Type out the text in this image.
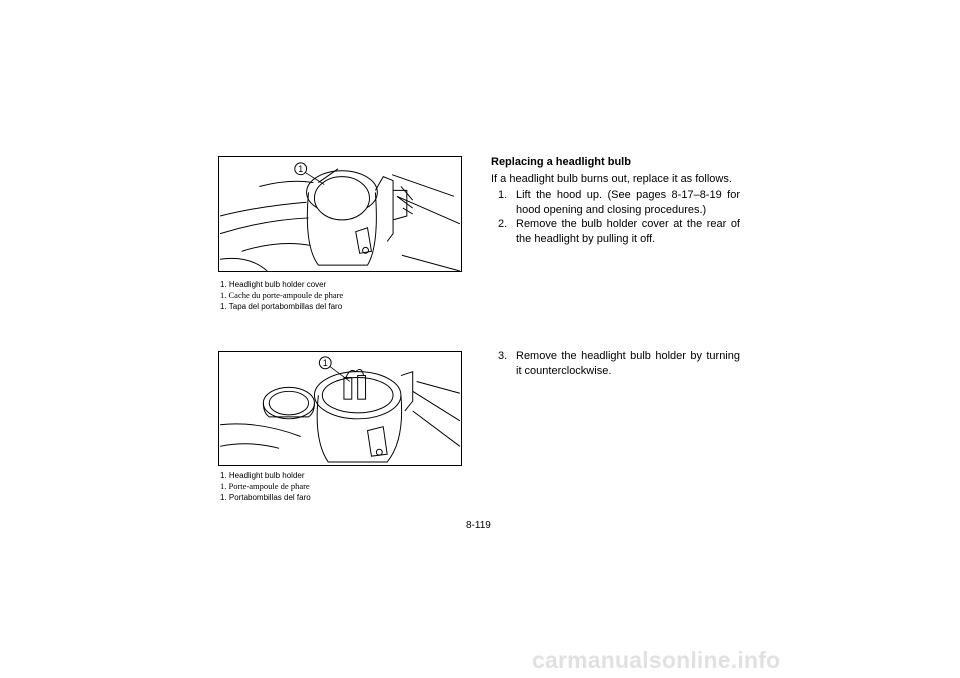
1
1. Headlight bulb holder cover
1. Cache du porte-ampoule de phare
1. Tapa del portabombillas del faro
1
1. Headlight bulb holder
1. Porte-ampoule de phare
1. Portabombillas del faro
Replacing a headlight bulb
If a headlight bulb burns out, replace it as follows.
1. Lift the hood up. (See pages 8-17–8-19 for hood opening and closing procedures.)
2. Remove the bulb holder cover at the rear of the headlight by pulling it off.
3. Remove the headlight bulb holder by turning it counterclockwise.
8-119
carmanualsonline.info
